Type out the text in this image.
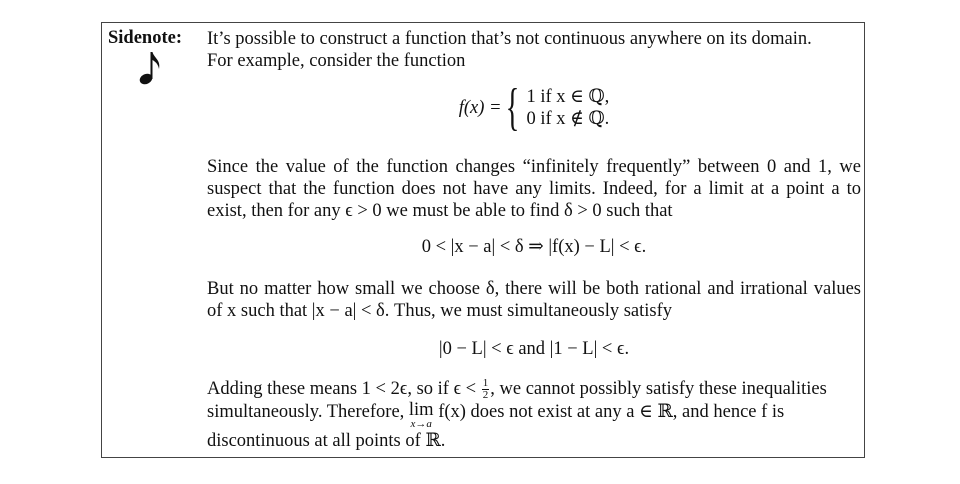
Sidenote: It’s possible to construct a function that’s not continuous anywhere on its domain.

For example, consider the function

f(x) = { 1 if x ∈ ℚ,
0 if x ∉ ℚ.

Since the value of the function changes “infinitely frequently” between 0 and 1, we suspect that the function does not have any limits. Indeed, for a limit at a point a to exist, then for any ϵ > 0 we must be able to find δ > 0 such that

0 < |x − a| < δ ⇒ |f(x) − L| < ϵ.

But no matter how small we choose δ, there will be both rational and irrational values of x such that |x − a| < δ. Thus, we must simultaneously satisfy

|0 − L| < ϵ and |1 − L| < ϵ.

Adding these means 1 < 2ϵ, so if $\epsilon < \frac{1}{2}$ , we cannot possibly satisfy these inequalities simultaneously. Therefore, lim
x→a
f(x) does not exist at any a ∈ ℝ, and hence f is discontinuous at all points of ℝ.
